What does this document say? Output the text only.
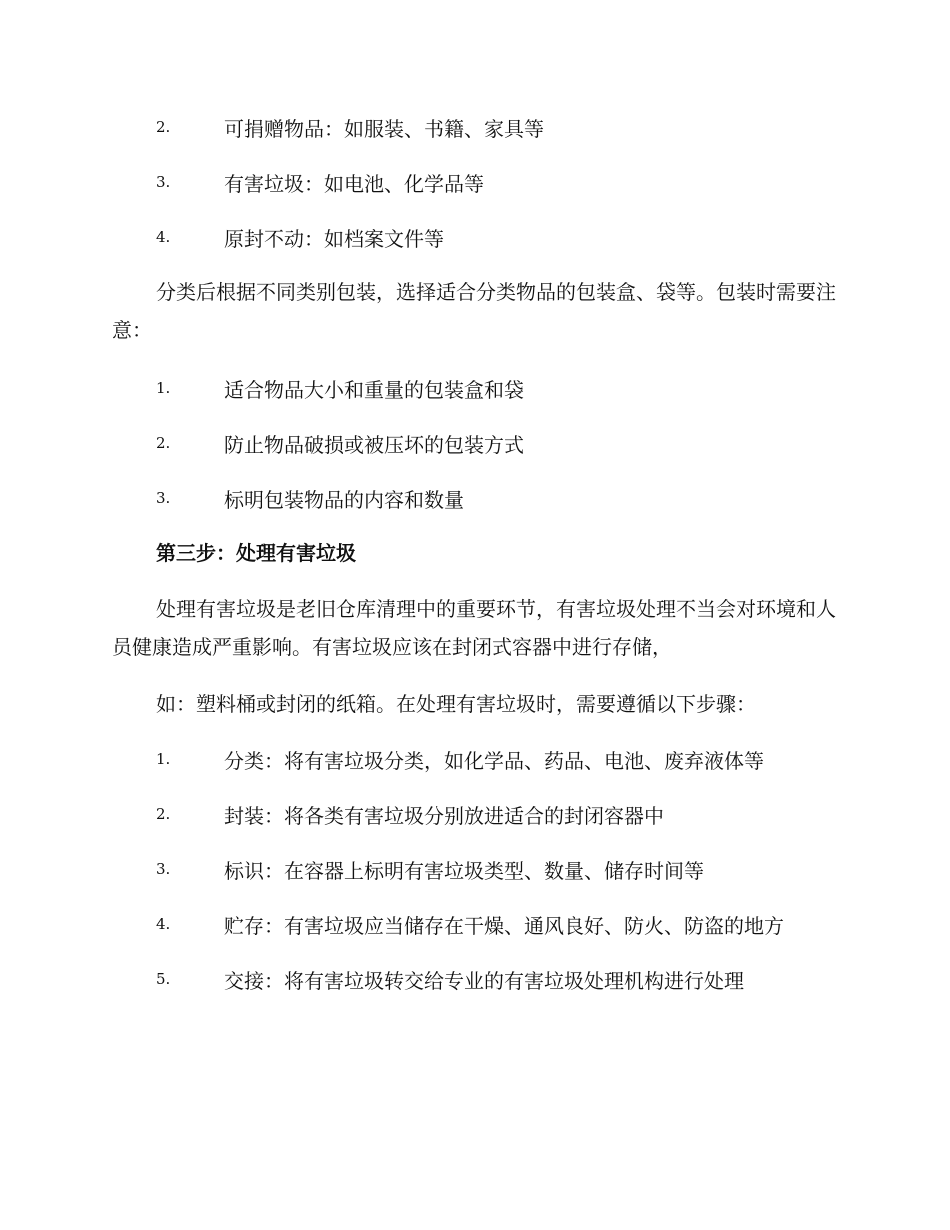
2.	可捐赠物品：如服装、书籍、家具等
3.	有害垃圾：如电池、化学品等
4.	原封不动：如档案文件等

分类后根据不同类别包装，选择适合分类物品的包装盒、袋等。包装时需要注意：

1.	适合物品大小和重量的包装盒和袋
2.	防止物品破损或被压坏的包装方式
3.	标明包装物品的内容和数量
第三步：处理有害垃圾

处理有害垃圾是老旧仓库清理中的重要环节，有害垃圾处理不当会对环境和人员健康造成严重影响。有害垃圾应该在封闭式容器中进行存储，

如：塑料桶或封闭的纸箱。在处理有害垃圾时，需要遵循以下步骤：
1.	分类：将有害垃圾分类，如化学品、药品、电池、废弃液体等
2.	封装：将各类有害垃圾分别放进适合的封闭容器中
3.	标识：在容器上标明有害垃圾类型、数量、储存时间等
4.	贮存：有害垃圾应当储存在干燥、通风良好、防火、防盗的地方
5.	交接：将有害垃圾转交给专业的有害垃圾处理机构进行处理
